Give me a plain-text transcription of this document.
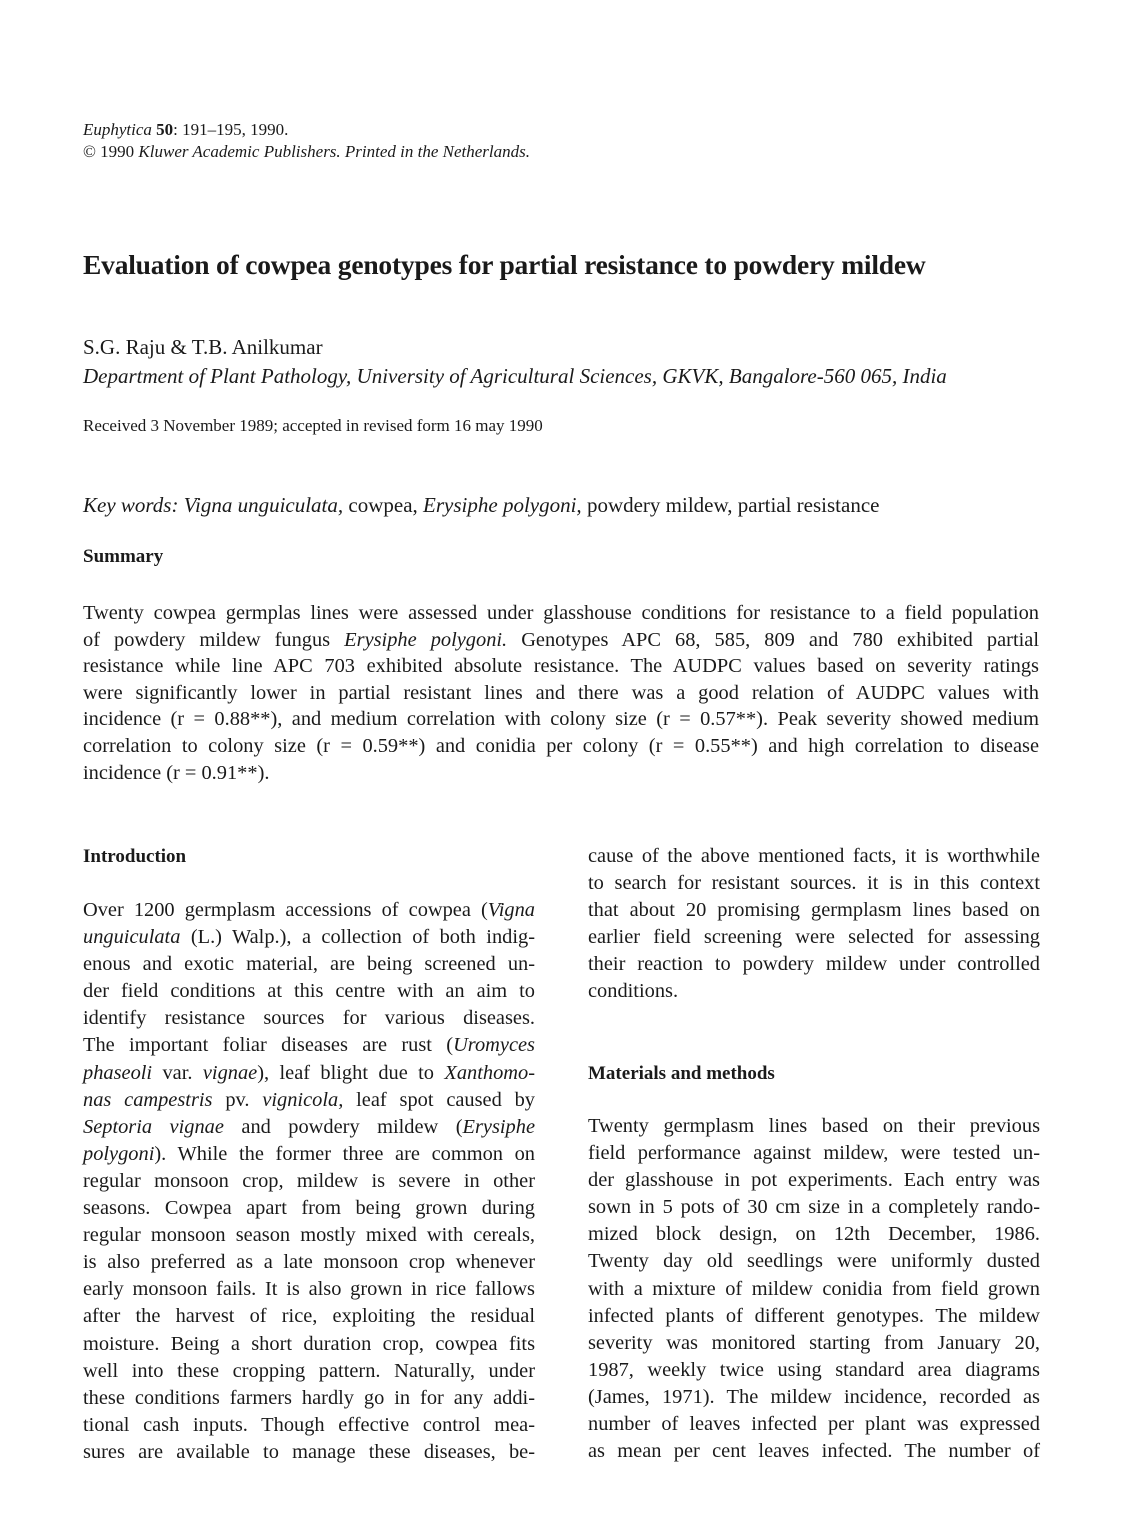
Euphytica 50: 191–195, 1990.
© 1990 Kluwer Academic Publishers. Printed in the Netherlands.
Evaluation of cowpea genotypes for partial resistance to powdery mildew
S.G. Raju & T.B. Anilkumar
Department of Plant Pathology, University of Agricultural Sciences, GKVK, Bangalore-560 065, India
Received 3 November 1989; accepted in revised form 16 may 1990
Key words: Vigna unguiculata, cowpea, Erysiphe polygoni, powdery mildew, partial resistance
Summary
Twenty cowpea germplas lines were assessed under glasshouse conditions for resistance to a field population
of powdery mildew fungus Erysiphe polygoni. Genotypes APC 68, 585, 809 and 780 exhibited partial
resistance while line APC 703 exhibited absolute resistance. The AUDPC values based on severity ratings
were significantly lower in partial resistant lines and there was a good relation of AUDPC values with
incidence (r = 0.88**), and medium correlation with colony size (r = 0.57**). Peak severity showed medium
correlation to colony size (r = 0.59**) and conidia per colony (r = 0.55**) and high correlation to disease
incidence (r = 0.91**).
Introduction
Over 1200 germplasm accessions of cowpea (Vigna
unguiculata (L.) Walp.), a collection of both indig-
enous and exotic material, are being screened un-
der field conditions at this centre with an aim to
identify resistance sources for various diseases.
The important foliar diseases are rust (Uromyces
phaseoli var. vignae), leaf blight due to Xanthomo-
nas campestris pv. vignicola, leaf spot caused by
Septoria vignae and powdery mildew (Erysiphe
polygoni). While the former three are common on
regular monsoon crop, mildew is severe in other
seasons. Cowpea apart from being grown during
regular monsoon season mostly mixed with cereals,
is also preferred as a late monsoon crop whenever
early monsoon fails. It is also grown in rice fallows
after the harvest of rice, exploiting the residual
moisture. Being a short duration crop, cowpea fits
well into these cropping pattern. Naturally, under
these conditions farmers hardly go in for any addi-
tional cash inputs. Though effective control mea-
sures are available to manage these diseases, be-
cause of the above mentioned facts, it is worthwhile
to search for resistant sources. it is in this context
that about 20 promising germplasm lines based on
earlier field screening were selected for assessing
their reaction to powdery mildew under controlled
conditions.
Materials and methods
Twenty germplasm lines based on their previous
field performance against mildew, were tested un-
der glasshouse in pot experiments. Each entry was
sown in 5 pots of 30 cm size in a completely rando-
mized block design, on 12th December, 1986.
Twenty day old seedlings were uniformly dusted
with a mixture of mildew conidia from field grown
infected plants of different genotypes. The mildew
severity was monitored starting from January 20,
1987, weekly twice using standard area diagrams
(James, 1971). The mildew incidence, recorded as
number of leaves infected per plant was expressed
as mean per cent leaves infected. The number of
